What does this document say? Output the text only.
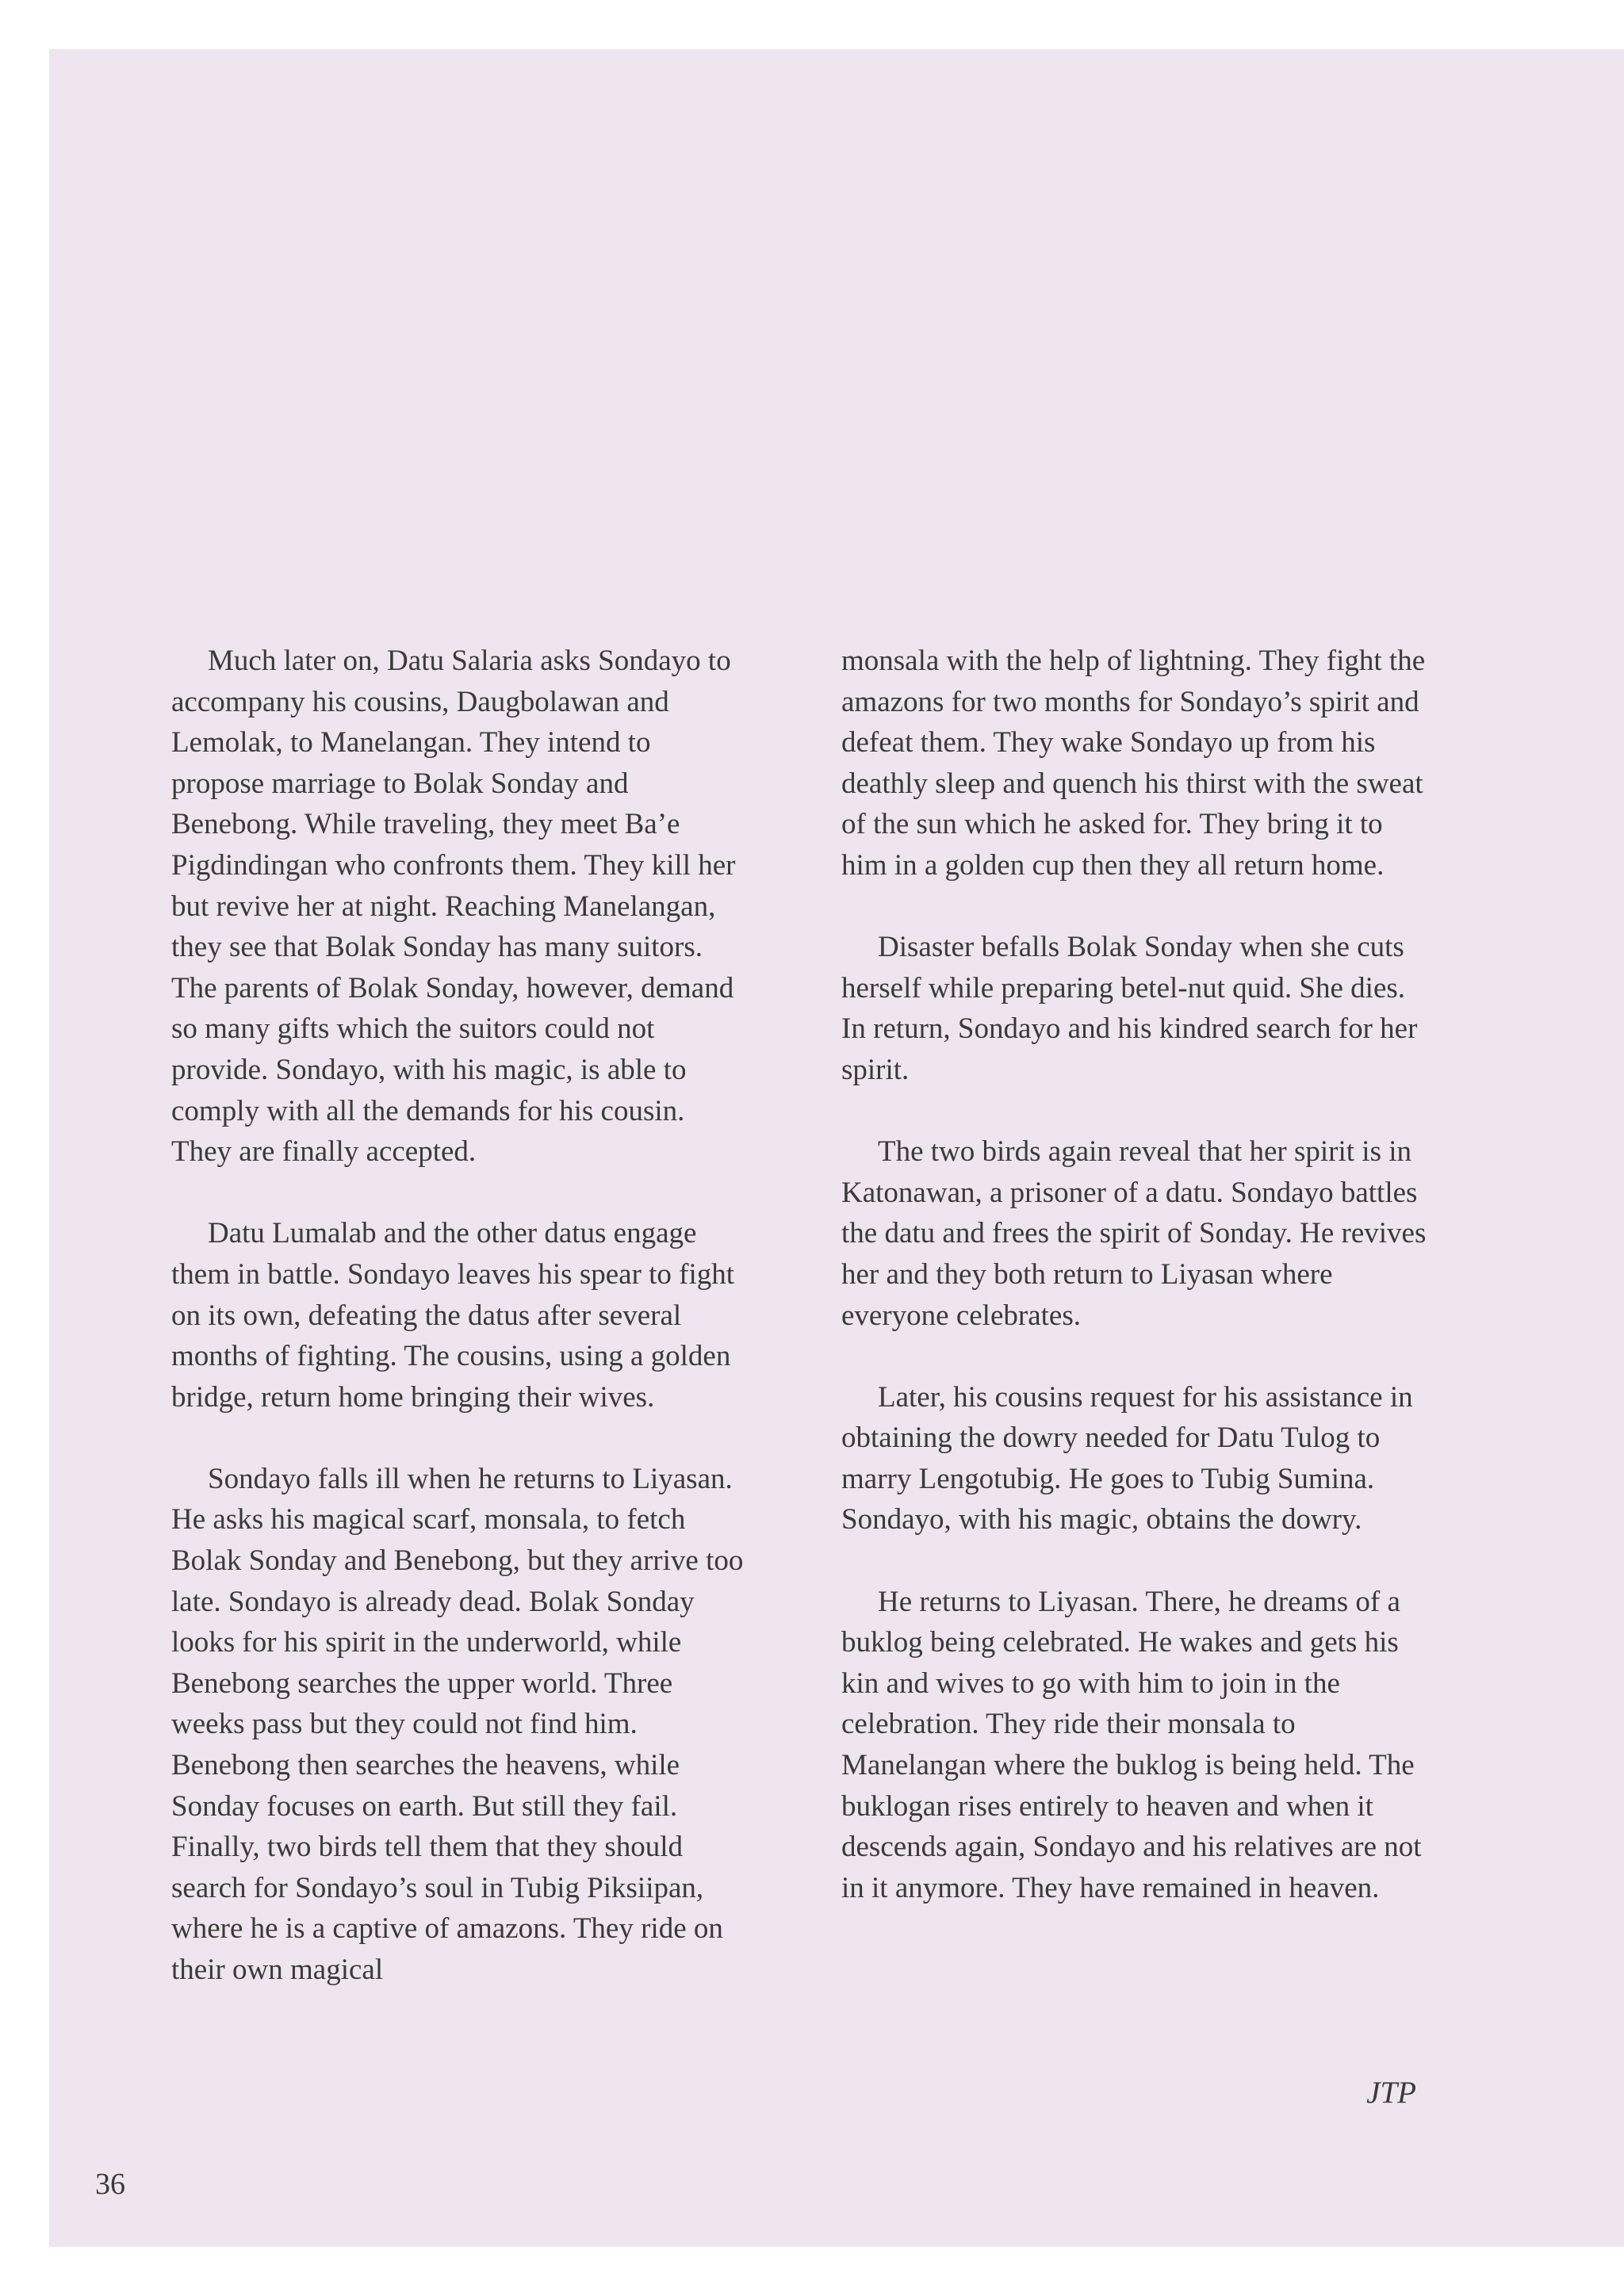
Much later on, Datu Salaria asks Sondayo to accompany his cousins, Daugbolawan and Lemolak, to Manelangan. They intend to propose marriage to Bolak Sonday and Benebong. While traveling, they meet Ba’e Pigdindingan who confronts them. They kill her but revive her at night. Reaching Manelangan, they see that Bolak Sonday has many suitors. The parents of Bolak Sonday, however, demand so many gifts which the suitors could not provide. Sondayo, with his magic, is able to comply with all the demands for his cousin. They are finally accepted.

Datu Lumalab and the other datus engage them in battle. Sondayo leaves his spear to fight on its own, defeating the datus after several months of fighting. The cousins, using a golden bridge, return home bringing their wives.

Sondayo falls ill when he returns to Liyasan. He asks his magical scarf, monsala, to fetch Bolak Sonday and Benebong, but they arrive too late. Sondayo is already dead. Bolak Sonday looks for his spirit in the underworld, while Benebong searches the upper world. Three weeks pass but they could not find him. Benebong then searches the heavens, while Sonday focuses on earth. But still they fail. Finally, two birds tell them that they should search for Sondayo’s soul in Tubig Piksiipan, where he is a captive of amazons. They ride on their own magical

monsala with the help of lightning. They fight the amazons for two months for Sondayo’s spirit and defeat them. They wake Sondayo up from his deathly sleep and quench his thirst with the sweat of the sun which he asked for. They bring it to him in a golden cup then they all return home.

Disaster befalls Bolak Sonday when she cuts herself while preparing betel-nut quid. She dies. In return, Sondayo and his kindred search for her spirit.

The two birds again reveal that her spirit is in Katonawan, a prisoner of a datu. Sondayo battles the datu and frees the spirit of Sonday. He revives her and they both return to Liyasan where everyone celebrates.

Later, his cousins request for his assistance in obtaining the dowry needed for Datu Tulog to marry Lengotubig. He goes to Tubig Sumina. Sondayo, with his magic, obtains the dowry.

He returns to Liyasan. There, he dreams of a buklog being celebrated. He wakes and gets his kin and wives to go with him to join in the celebration. They ride their monsala to Manelangan where the buklog is being held. The buklogan rises entirely to heaven and when it descends again, Sondayo and his relatives are not in it anymore. They have remained in heaven.

JTP
36
